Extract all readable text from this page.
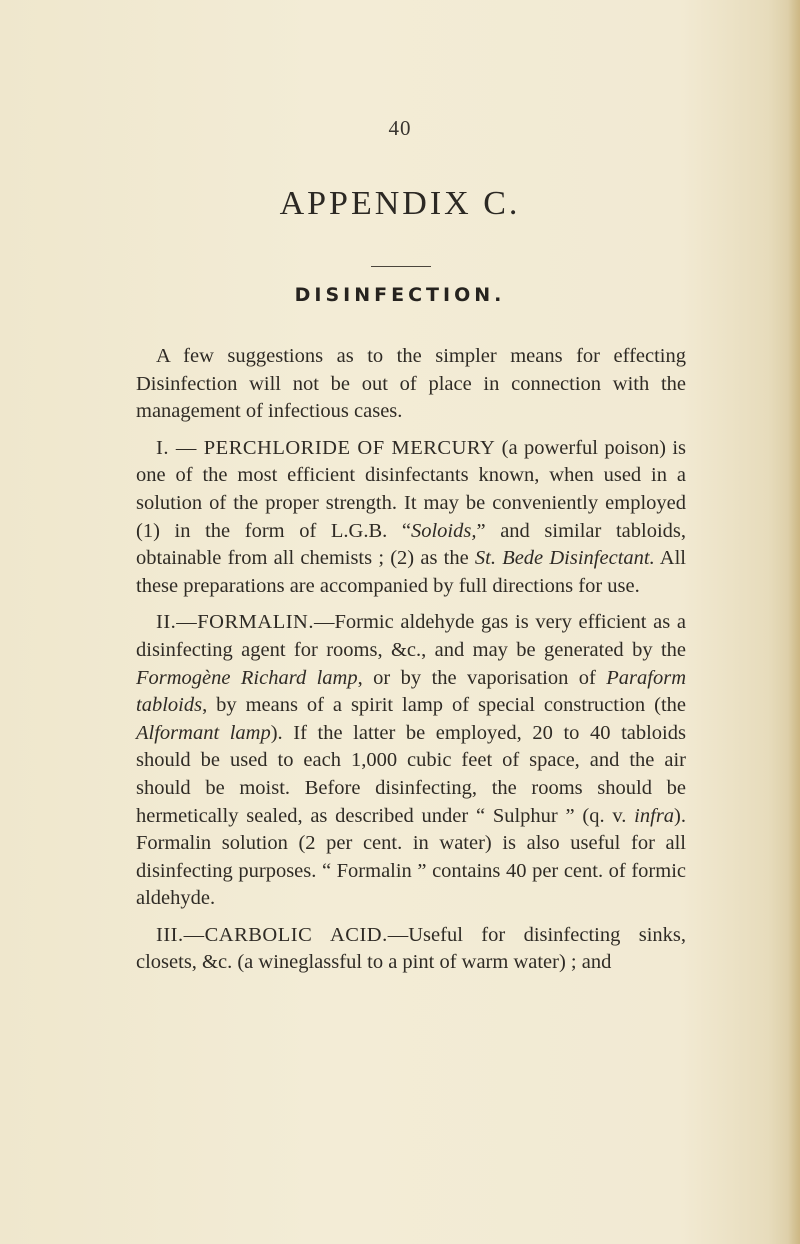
40
APPENDIX C.
DISINFECTION.

A few suggestions as to the simpler means for effecting Disinfection will not be out of place in connection with the management of infectious cases.

I. — PERCHLORIDE OF MERCURY (a powerful poison) is one of the most efficient disinfectants known, when used in a solution of the proper strength. It may be conveniently employed (1) in the form of L.G.B. “Soloids,” and similar tabloids, obtainable from all chemists ; (2) as the St. Bede Disinfectant. All these preparations are accompanied by full directions for use.

II.—FORMALIN.—Formic aldehyde gas is very efficient as a disinfecting agent for rooms, &c., and may be generated by the Formogène Richard lamp, or by the vaporisation of Paraform tabloids, by means of a spirit lamp of special construction (the Alformant lamp). If the latter be employed, 20 to 40 tabloids should be used to each 1,000 cubic feet of space, and the air should be moist. Before disinfecting, the rooms should be hermetically sealed, as described under “ Sulphur ” (q. v. infra). Formalin solution (2 per cent. in water) is also useful for all disinfecting purposes. “ Formalin ” contains 40 per cent. of formic aldehyde.

III.—CARBOLIC ACID.—Useful for disinfecting sinks, closets, &c. (a wineglassful to a pint of warm water) ; and
